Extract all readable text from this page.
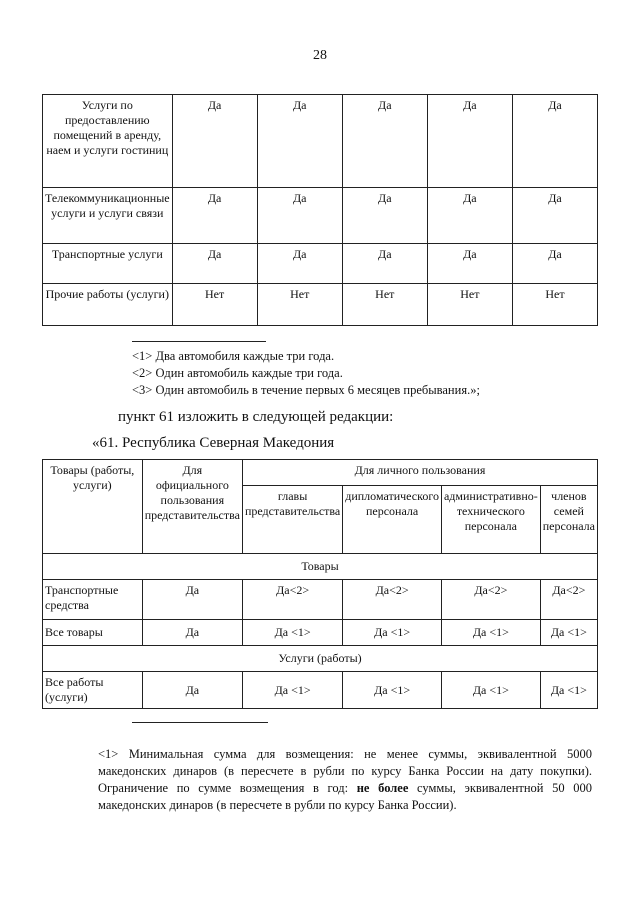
28
Услуги по предоставлению помещений в аренду, наем и услуги гостиниц	Да	Да	Да	Да	Да
Телекоммуникационные услуги и услуги связи	Да	Да	Да	Да	Да
Транспортные услуги	Да	Да	Да	Да	Да
Прочие работы (услуги)	Нет	Нет	Нет	Нет	Нет
<1> Два автомобиля каждые три года.
<2> Один автомобиль каждые три года.
<3> Один автомобиль в течение первых 6 месяцев пребывания.»;
пункт 61 изложить в следующей редакции:
«61. Республика Северная Македония
Товары (работы, услуги)	Для официального пользования представительства	Для личного пользования			
		главы представительства	дипломатического персонала	административно-технического персонала	членов семей персонала
Товары					
Транспортные средства	Да	Да<2>	Да<2>	Да<2>	Да<2>
Все товары	Да	Да <1>	Да <1>	Да <1>	Да <1>
Услуги (работы)					
Все работы (услуги)	Да	Да <1>	Да <1>	Да <1>	Да <1>
<1> Минимальная сумма для возмещения: не менее суммы, эквивалентной 5000 македонских динаров (в пересчете в рубли по курсу Банка России на дату покупки). Ограничение по сумме возмещения в год: не более суммы, эквивалентной 50 000 македонских динаров (в пересчете в рубли по курсу Банка России).
